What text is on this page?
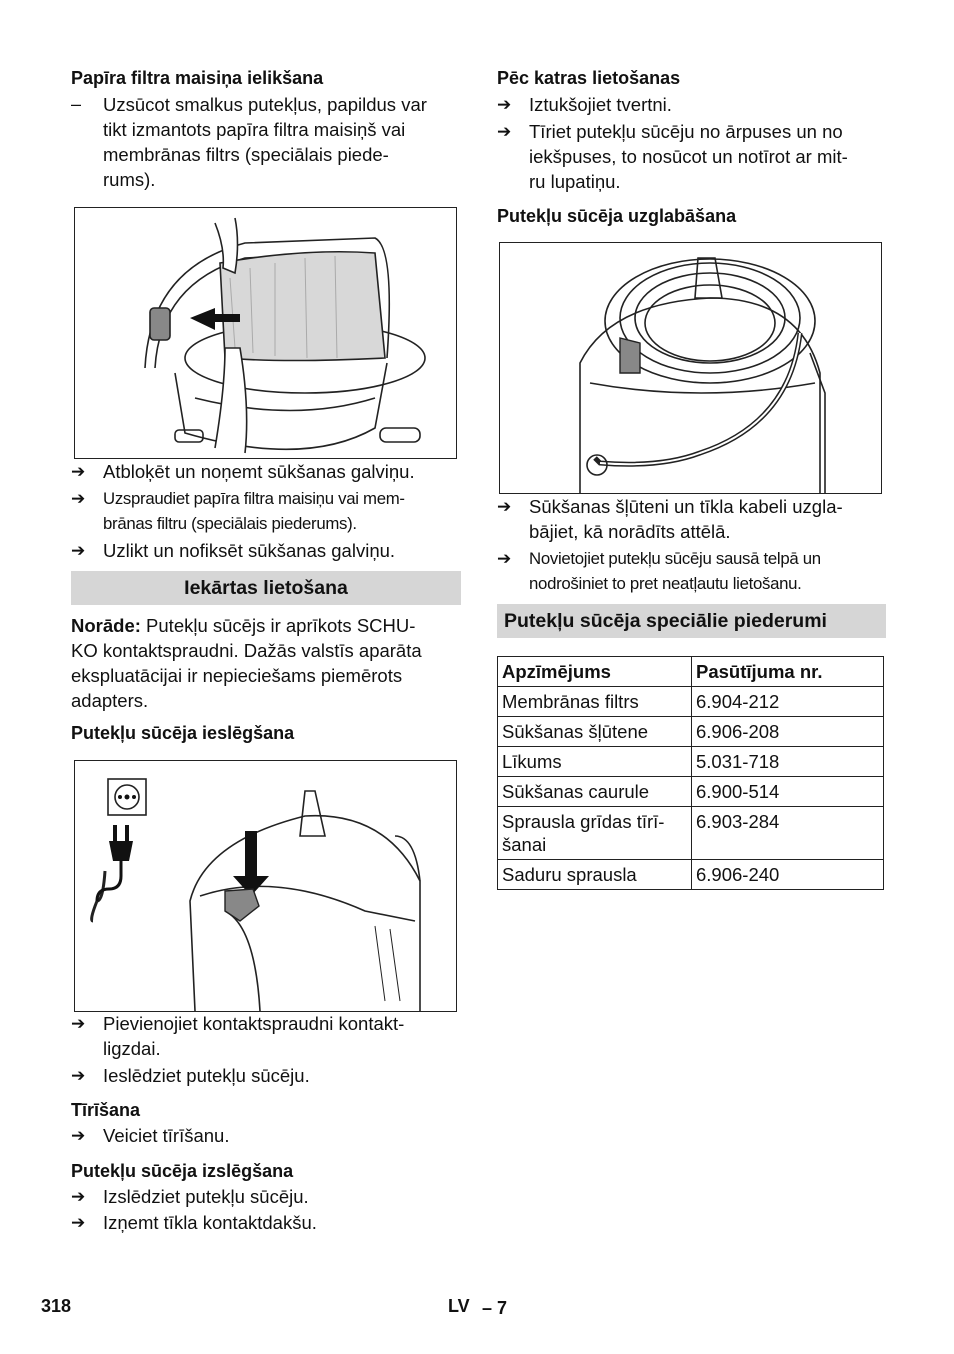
Papīra filtra maisiņa ielikšana
–	Uzsūcot smalkus putekļus, papildus var
tikt izmantots papīra filtra maisiņš vai
membrānas filtrs (speciālais piede-
rums).
➔ Atbloķēt un noņemt sūkšanas galviņu.
➔	Uzspraudiet papīra filtra maisiņu vai mem-
brānas filtru (speciālais piederums).
➔ Uzlikt un nofiksēt sūkšanas galviņu.
Iekārtas lietošana
Norāde: Putekļu sūcējs ir aprīkots SCHU-
KO kontaktspraudni. Dažās valstīs aparāta
ekspluatācijai ir nepieciešams piemērots
adapters.
Putekļu sūcēja ieslēgšana
➔ Pievienojiet kontaktspraudni kontakt-
ligzdai.
➔ Ieslēdziet putekļu sūcēju.
Tīrīšana
➔ Veiciet tīrīšanu.
Putekļu sūcēja izslēgšana
➔ Izslēdziet putekļu sūcēju.
➔ Izņemt tīkla kontaktdakšu.
Pēc katras lietošanas
➔ Iztukšojiet tvertni.
➔ Tīriet putekļu sūcēju no ārpuses un no
iekšpuses, to nosūcot un notīrot ar mit-
ru lupatiņu.
Putekļu sūcēja uzglabāšana
➔ Sūkšanas šļūteni un tīkla kabeli uzgla-
bājiet, kā norādīts attēlā.
➔	Novietojiet putekļu sūcēju sausā telpā un
nodrošiniet to pret neatļautu lietošanu.
Putekļu sūcēja speciālie piederumi
Apzīmējums	Pasūtījuma nr.
Membrānas filtrs	6.904-212
Sūkšanas šļūtene	6.906-208
Līkums	5.031-718
Sūkšanas caurule	6.900-514
Sprausla grīdas tīrī-
šanai	6.903-284
Saduru sprausla	6.906-240
318	LV – 7
